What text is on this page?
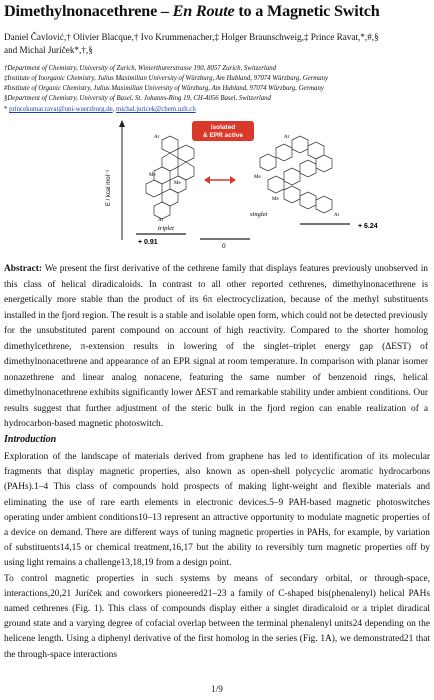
Dimethylnonacethrene – En Route to a Magnetic Switch
Daniel Čavlović,† Olivier Blacque,† Ivo Krummenacher,‡ Holger Braunschweig,‡ Prince Ravat,*,#,§
and Michal Juríček*,†,§
†Department of Chemistry, University of Zurich, Winterthurerstrasse 190, 8057 Zurich, Switzerland
‡Institute of Inorganic Chemistry, Julius Maximilian University of Würzburg, Am Hubland, 97074 Würzburg, Germany
#Institute of Organic Chemistry, Julius Maximilian University of Würzburg, Am Hubland, 97074 Würzburg, Germany
§Department of Chemistry, University of Basel, St. Johanns-Ring 19, CH-4056 Basel, Switzerland
* princekumar.ravat@uni-wuerzburg.de, michal.juricek@chem.uzh.ch
E / kcal mol⁻¹
isolated
& EPR active
Ar
Ar
Me
Me
triplet
Ar
Ar
Me
Me
singlet
+ 0.91
0
+ 6.24
Abstract: We present the first derivative of the cethrene family that displays features previously unobserved in this class of helical diradicaloids. In contrast to all other reported cethrenes, dimethylnonacethrene is energetically more stable than the product of its 6π electrocyclization, because of the methyl substituents installed in the fjord region. The result is a stable and isolable open form, which could not be detected previously for the unsubstituted parent compound on account of high reactivity. Compared to the shorter homolog dimethylcethrene, π-extension results in lowering of the singlet–triplet energy gap (ΔEST) of dimethylnonacethrene and appearance of an EPR signal at room temperature. In comparison with planar isomer nonazethrene and linear analog nonacene, featuring the same number of benzenoid rings, helical dimethylnonacethrene exhibits significantly lower ΔEST and remarkable stability under ambient conditions. Our results suggest that further adjustment of the steric bulk in the fjord region can enable realization of a hydrocarbon-based magnetic photoswitch.
Introduction

Exploration of the landscape of materials derived from graphene has led to identification of its molecular fragments that display magnetic properties, also known as open-shell polycyclic aromatic hydrocarbons (PAHs).1–4 This class of compounds hold prospects of making light-weight and flexible materials and eliminating the use of rare earth elements in electronic devices.5–9 PAH-based magnetic photoswitches operating under ambient conditions10–13 represent an attractive opportunity to modulate magnetic properties of a device on demand. There are different ways of tuning magnetic properties in PAHs, for example, by variation of substituents14,15 or chemical treatment,16,17 but the ability to reversibly turn magnetic properties off by using light remains a challenge13,18,19 from a design point.

To control magnetic properties in such systems by means of secondary orbital, or through-space, interactions,20,21 Juríček and coworkers pioneered21–23 a family of C-shaped bis(phenalenyl) helical PAHs named cethrenes (Fig. 1). This class of compounds display either a singlet diradicaloid or a triplet diradical ground state and a varying degree of cofacial overlap between the terminal phenalenyl units24 depending on the helicene length. Using a diphenyl derivative of the first homolog in the series (Fig. 1A), we demonstrated21 that the through-space interactions

1/9
